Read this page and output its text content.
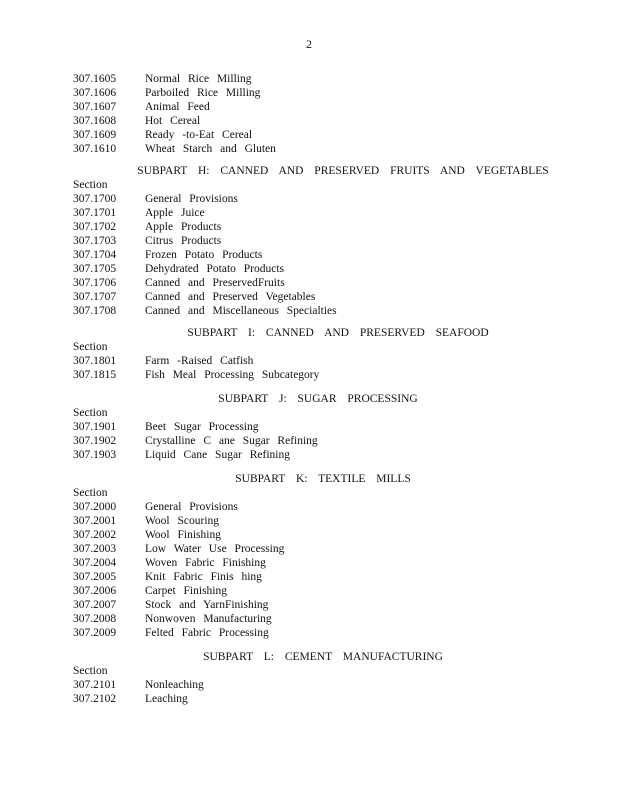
2
307.1605	Normal Rice Milling
307.1606	Parboiled Rice Milling
307.1607	Animal Feed
307.1608	Hot Cereal
307.1609	Ready -to-Eat Cereal
307.1610	Wheat Starch and Gluten
SUBPART H: CANNED AND PRESERVED FRUITS AND VEGETABLES
Section
307.1700	General Provisions
307.1701	Apple Juice
307.1702	Apple Products
307.1703	Citrus Products
307.1704	Frozen Potato Products
307.1705	Dehydrated Potato Products
307.1706	Canned and PreservedFruits
307.1707	Canned and Preserved Vegetables
307.1708	Canned and Miscellaneous Specialties
SUBPART I: CANNED AND PRESERVED SEAFOOD
Section
307.1801	Farm -Raised Catfish
307.1815	Fish Meal Processing Subcategory
SUBPART J: SUGAR PROCESSING
Section
307.1901	Beet Sugar Processing
307.1902	Crystalline C ane Sugar Refining
307.1903	Liquid Cane Sugar Refining
SUBPART K: TEXTILE MILLS
Section
307.2000	General Provisions
307.2001	Wool Scouring
307.2002	Wool Finishing
307.2003	Low Water Use Processing
307.2004	Woven Fabric Finishing
307.2005	Knit Fabric Finis hing
307.2006	Carpet Finishing
307.2007	Stock and YarnFinishing
307.2008	Nonwoven Manufacturing
307.2009	Felted Fabric Processing
SUBPART L: CEMENT MANUFACTURING
Section
307.2101	Nonleaching
307.2102	Leaching
